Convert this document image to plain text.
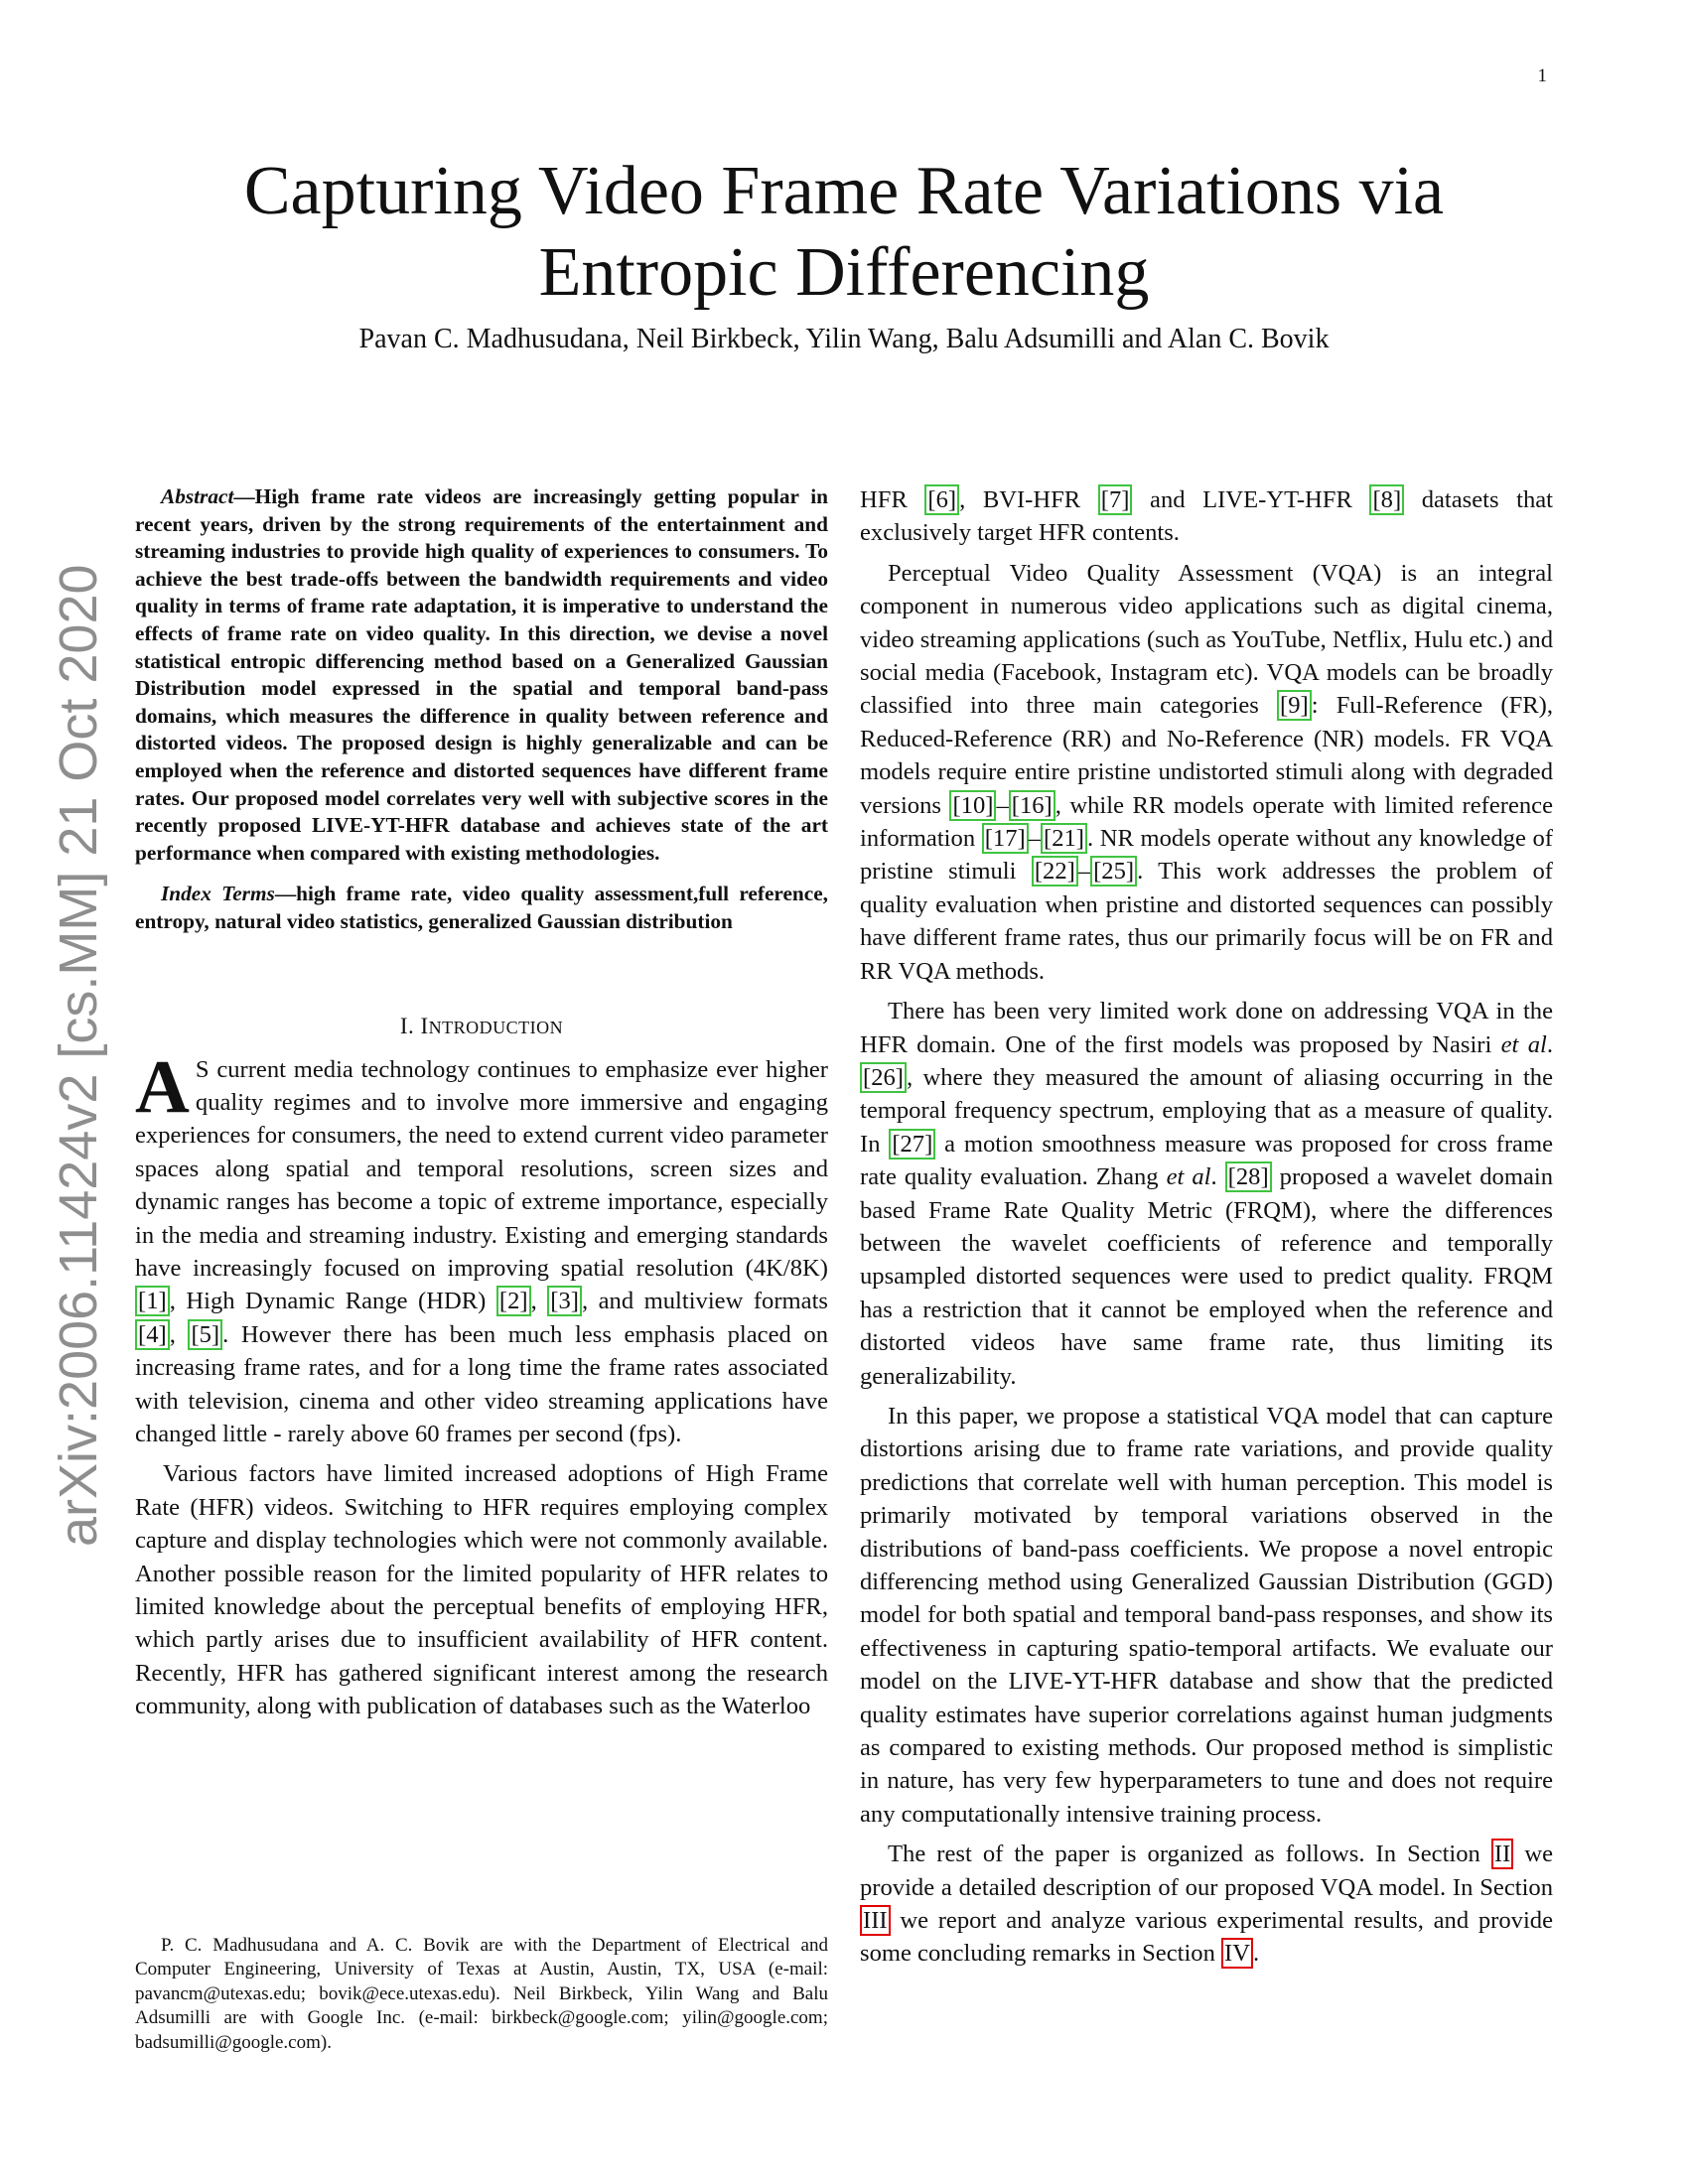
1
arXiv:2006.11424v2 [cs.MM] 21 Oct 2020
Capturing Video Frame Rate Variations via Entropic Differencing
Pavan C. Madhusudana, Neil Birkbeck, Yilin Wang, Balu Adsumilli and Alan C. Bovik

Abstract—High frame rate videos are increasingly getting popular in recent years, driven by the strong requirements of the entertainment and streaming industries to provide high quality of experiences to consumers. To achieve the best trade-offs between the bandwidth requirements and video quality in terms of frame rate adaptation, it is imperative to understand the effects of frame rate on video quality. In this direction, we devise a novel statistical entropic differencing method based on a Generalized Gaussian Distribution model expressed in the spatial and temporal band-pass domains, which measures the difference in quality between reference and distorted videos. The proposed design is highly generalizable and can be employed when the reference and distorted sequences have different frame rates. Our proposed model correlates very well with subjective scores in the recently proposed LIVE-YT-HFR database and achieves state of the art performance when compared with existing methodologies.

Index Terms—high frame rate, video quality assessment,full reference, entropy, natural video statistics, generalized Gaussian distribution

I. INTRODUCTION

A S current media technology continues to emphasize ever higher quality regimes and to involve more immersive and engaging experiences for consumers, the need to extend current video parameter spaces along spatial and temporal resolutions, screen sizes and dynamic ranges has become a topic of extreme importance, especially in the media and streaming industry. Existing and emerging standards have increasingly focused on improving spatial resolution (4K/8K) [1] , High Dynamic Range (HDR) [2] , [3] , and multiview formats [4] , [5] . However there has been much less emphasis placed on increasing frame rates, and for a long time the frame rates associated with television, cinema and other video streaming applications have changed little - rarely above 60 frames per second (fps).

Various factors have limited increased adoptions of High Frame Rate (HFR) videos. Switching to HFR requires employing complex capture and display technologies which were not commonly available. Another possible reason for the limited popularity of HFR relates to limited knowledge about the perceptual benefits of employing HFR, which partly arises due to insufficient availability of HFR content. Recently, HFR has gathered significant interest among the research community, along with publication of databases such as the Waterloo

P. C. Madhusudana and A. C. Bovik are with the Department of Electrical and Computer Engineering, University of Texas at Austin, Austin, TX, USA (e-mail: pavancm@utexas.edu; bovik@ece.utexas.edu). Neil Birkbeck, Yilin Wang and Balu Adsumilli are with Google Inc. (e-mail: birkbeck@google.com; yilin@google.com; badsumilli@google.com).

HFR [6] , BVI-HFR [7] and LIVE-YT-HFR [8] datasets that exclusively target HFR contents.

Perceptual Video Quality Assessment (VQA) is an integral component in numerous video applications such as digital cinema, video streaming applications (such as YouTube, Netflix, Hulu etc.) and social media (Facebook, Instagram etc). VQA models can be broadly classified into three main categories [9] : Full-Reference (FR), Reduced-Reference (RR) and No-Reference (NR) models. FR VQA models require entire pristine undistorted stimuli along with degraded versions [10] – [16] , while RR models operate with limited reference information [17] – [21] . NR models operate without any knowledge of pristine stimuli [22] – [25] . This work addresses the problem of quality evaluation when pristine and distorted sequences can possibly have different frame rates, thus our primarily focus will be on FR and RR VQA methods.

There has been very limited work done on addressing VQA in the HFR domain. One of the first models was proposed by Nasiri et al. [26] , where they measured the amount of aliasing occurring in the temporal frequency spectrum, employing that as a measure of quality. In [27] a motion smoothness measure was proposed for cross frame rate quality evaluation. Zhang et al. [28] proposed a wavelet domain based Frame Rate Quality Metric (FRQM), where the differences between the wavelet coefficients of reference and temporally upsampled distorted sequences were used to predict quality. FRQM has a restriction that it cannot be employed when the reference and distorted videos have same frame rate, thus limiting its generalizability.

In this paper, we propose a statistical VQA model that can capture distortions arising due to frame rate variations, and provide quality predictions that correlate well with human perception. This model is primarily motivated by temporal variations observed in the distributions of band-pass coefficients. We propose a novel entropic differencing method using Generalized Gaussian Distribution (GGD) model for both spatial and temporal band-pass responses, and show its effectiveness in capturing spatio-temporal artifacts. We evaluate our model on the LIVE-YT-HFR database and show that the predicted quality estimates have superior correlations against human judgments as compared to existing methods. Our proposed method is simplistic in nature, has very few hyperparameters to tune and does not require any computationally intensive training process.

The rest of the paper is organized as follows. In Section II we provide a detailed description of our proposed VQA model. In Section III we report and analyze various experimental results, and provide some concluding remarks in Section IV .
